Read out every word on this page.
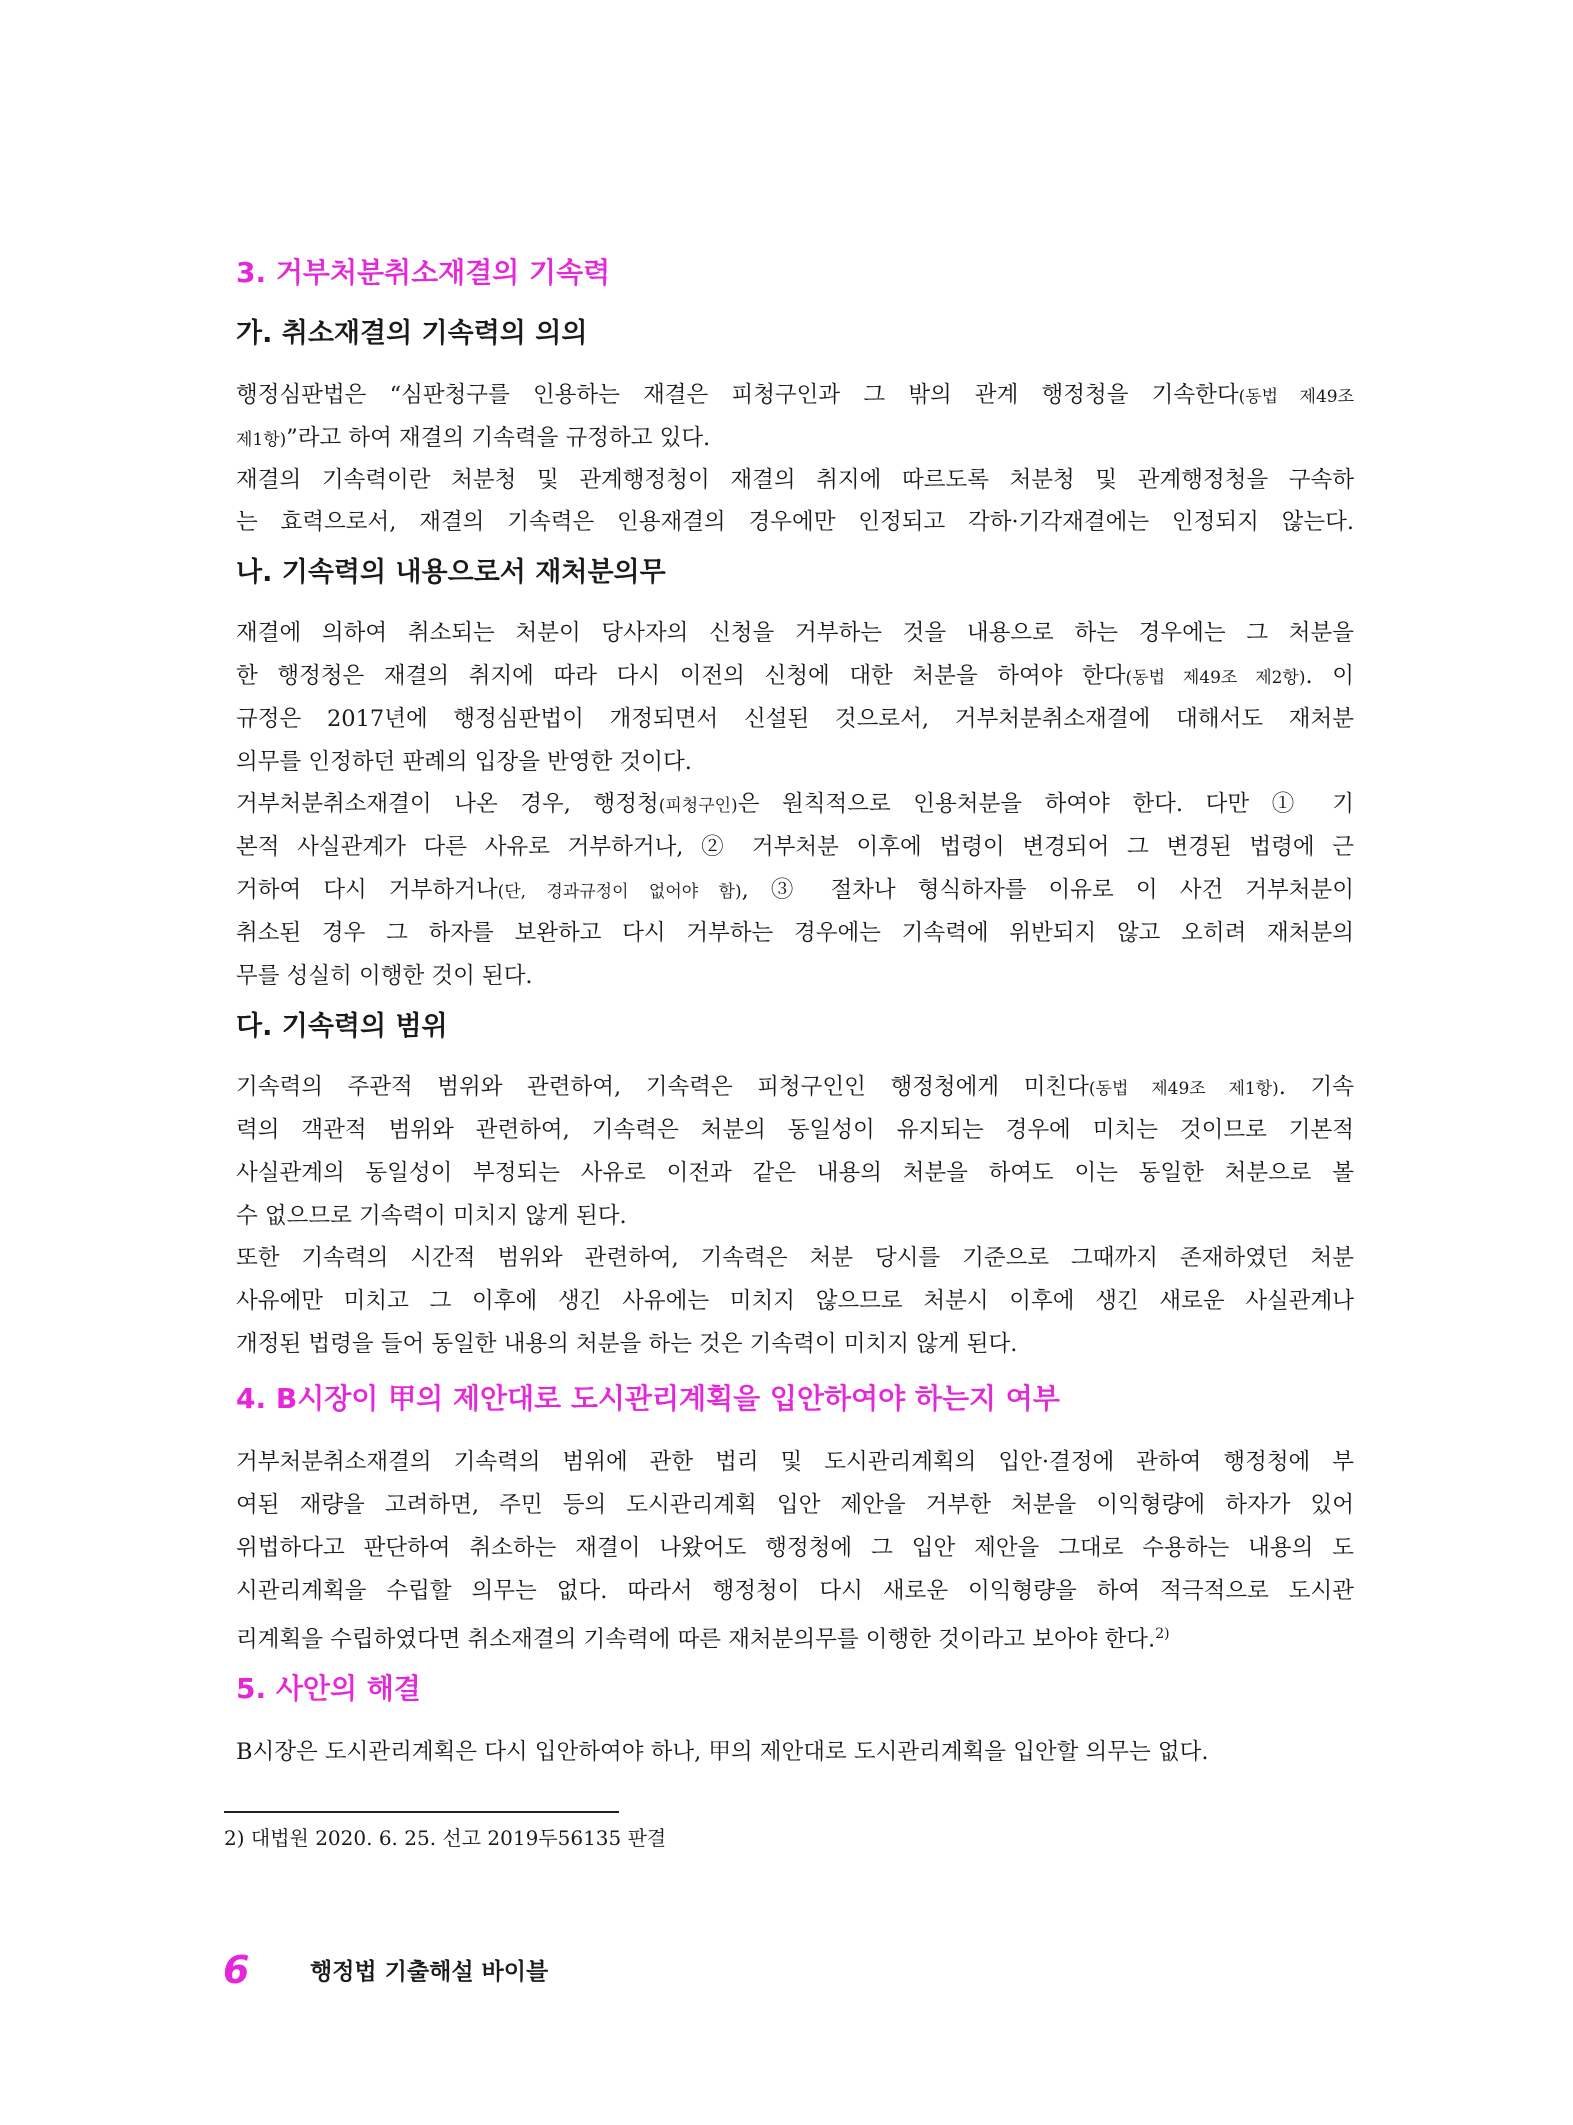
3. 거부처분취소재결의 기속력
가. 취소재결의 기속력의 의의
행정심판법은 “심판청구를 인용하는 재결은 피청구인과 그 밖의 관계 행정청을 기속한다(동법 제49조
제1항)”라고 하여 재결의 기속력을 규정하고 있다.
재결의 기속력이란 처분청 및 관계행정청이 재결의 취지에 따르도록 처분청 및 관계행정청을 구속하
는 효력으로서, 재결의 기속력은 인용재결의 경우에만 인정되고 각하·기각재결에는 인정되지 않는다.
나. 기속력의 내용으로서 재처분의무
재결에 의하여 취소되는 처분이 당사자의 신청을 거부하는 것을 내용으로 하는 경우에는 그 처분을
한 행정청은 재결의 취지에 따라 다시 이전의 신청에 대한 처분을 하여야 한다(동법 제49조 제2항). 이
규정은 2017년에 행정심판법이 개정되면서 신설된 것으로서, 거부처분취소재결에 대해서도 재처분
의무를 인정하던 판례의 입장을 반영한 것이다.
거부처분취소재결이 나온 경우, 행정청(피청구인)은 원칙적으로 인용처분을 하여야 한다. 다만 ① 기
본적 사실관계가 다른 사유로 거부하거나, ② 거부처분 이후에 법령이 변경되어 그 변경된 법령에 근
거하여 다시 거부하거나(단, 경과규정이 없어야 함), ③ 절차나 형식하자를 이유로 이 사건 거부처분이
취소된 경우 그 하자를 보완하고 다시 거부하는 경우에는 기속력에 위반되지 않고 오히려 재처분의
무를 성실히 이행한 것이 된다.
다. 기속력의 범위
기속력의 주관적 범위와 관련하여, 기속력은 피청구인인 행정청에게 미친다(동법 제49조 제1항). 기속
력의 객관적 범위와 관련하여, 기속력은 처분의 동일성이 유지되는 경우에 미치는 것이므로 기본적
사실관계의 동일성이 부정되는 사유로 이전과 같은 내용의 처분을 하여도 이는 동일한 처분으로 볼
수 없으므로 기속력이 미치지 않게 된다.
또한 기속력의 시간적 범위와 관련하여, 기속력은 처분 당시를 기준으로 그때까지 존재하였던 처분
사유에만 미치고 그 이후에 생긴 사유에는 미치지 않으므로 처분시 이후에 생긴 새로운 사실관계나
개정된 법령을 들어 동일한 내용의 처분을 하는 것은 기속력이 미치지 않게 된다.
4. B시장이 甲의 제안대로 도시관리계획을 입안하여야 하는지 여부
거부처분취소재결의 기속력의 범위에 관한 법리 및 도시관리계획의 입안·결정에 관하여 행정청에 부
여된 재량을 고려하면, 주민 등의 도시관리계획 입안 제안을 거부한 처분을 이익형량에 하자가 있어
위법하다고 판단하여 취소하는 재결이 나왔어도 행정청에 그 입안 제안을 그대로 수용하는 내용의 도
시관리계획을 수립할 의무는 없다. 따라서 행정청이 다시 새로운 이익형량을 하여 적극적으로 도시관
리계획을 수립하였다면 취소재결의 기속력에 따른 재처분의무를 이행한 것이라고 보아야 한다.$^{2)}$
5. 사안의 해결
B시장은 도시관리계획은 다시 입안하여야 하나, 甲의 제안대로 도시관리계획을 입안할 의무는 없다.
2) 대법원 2020. 6. 25. 선고 2019두56135 판결
6	행정법 기출해설 바이블
